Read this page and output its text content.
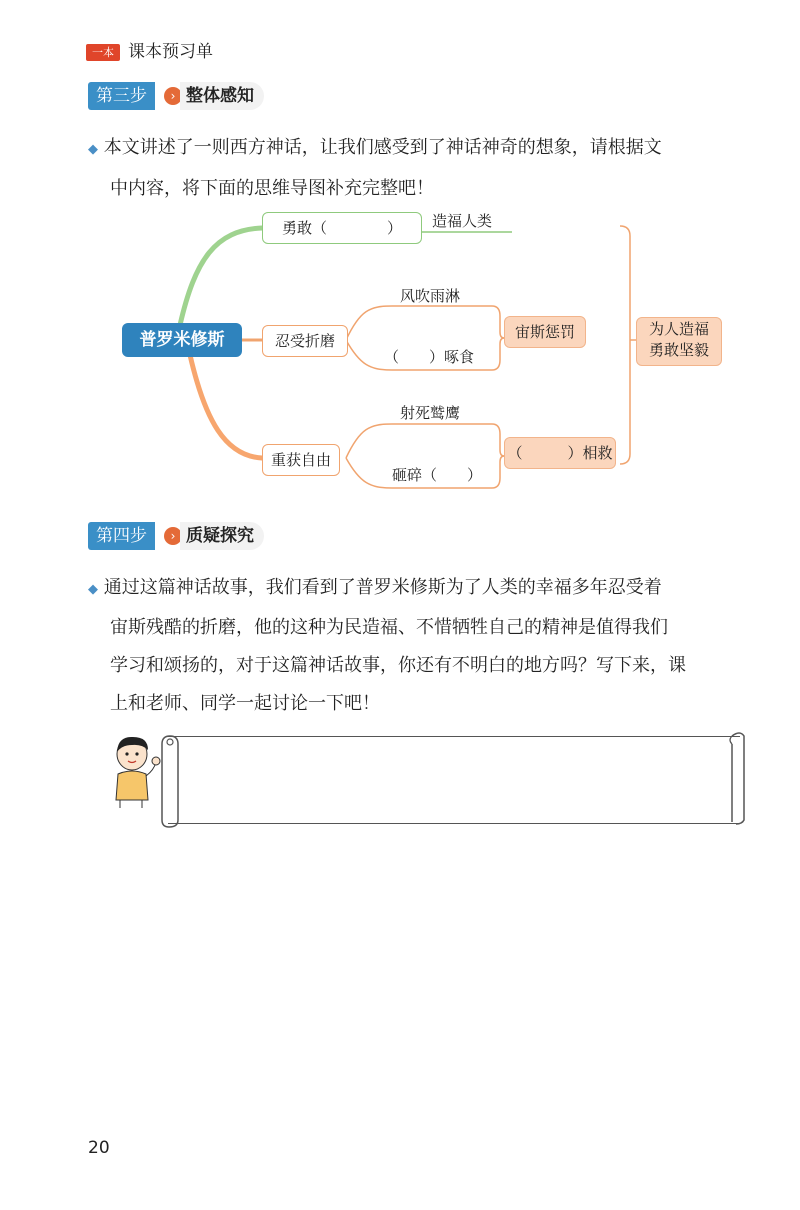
一本 课本预习单
第三步	› 整体感知
◆ 本文讲述了一则西方神话，让我们感受到了神话神奇的想象，请根据文
中内容，将下面的思维导图补充完整吧！
普罗米修斯
勇敢（　　　　）	造福人类
忍受折磨
风吹雨淋
（　　）啄食
宙斯惩罚
重获自由
射死鹫鹰
砸碎（　　）
（　　　）相救
为人造福
勇敢坚毅
第四步	› 质疑探究
◆ 通过这篇神话故事，我们看到了普罗米修斯为了人类的幸福多年忍受着
宙斯残酷的折磨，他的这种为民造福、不惜牺牲自己的精神是值得我们
学习和颂扬的，对于这篇神话故事，你还有不明白的地方吗？写下来，课
上和老师、同学一起讨论一下吧！
20
